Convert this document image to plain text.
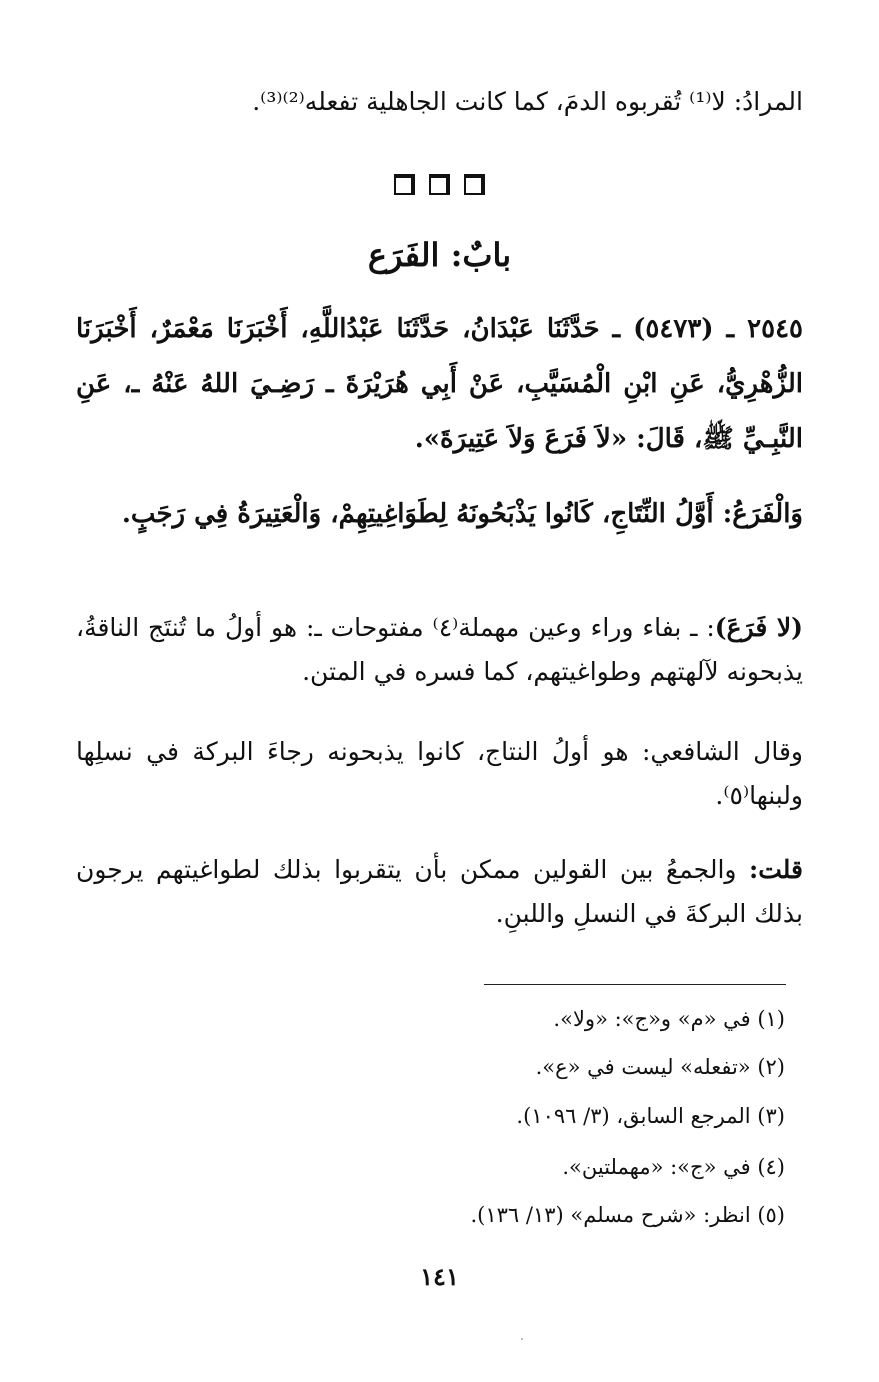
المرادُ: لا⁽¹⁾ تُقربوه الدمَ، كما كانت الجاهلية تفعله⁽²⁾⁽³⁾.
بابٌ: الفَرَع
٢٥٤٥ ـ (٥٤٧٣) ـ حَدَّثَنَا عَبْدَانُ، حَدَّثَنَا عَبْدُاللَّهِ، أَخْبَرَنَا مَعْمَرٌ، أَخْبَرَنَا الزُّهْرِيُّ، عَنِ ابْنِ الْمُسَيَّبِ، عَنْ أَبِي هُرَيْرَةَ ـ رَضِـيَ اللهُ عَنْهُ ـ، عَنِ النَّبِـيِّ ﷺ، قَالَ: «لاَ فَرَعَ وَلاَ عَتِيرَةَ».
وَالْفَرَعُ: أَوَّلُ النِّتَاجِ، كَانُوا يَذْبَحُونَهُ لِطَوَاغِيتِهِمْ، وَالْعَتِيرَةُ فِي رَجَبٍ.
(لا فَرَعَ): ـ بفاء وراء وعين مهملة⁽٤⁾ مفتوحات ـ: هو أولُ ما تُنتَج الناقةُ، يذبحونه لآلهتهم وطواغيتهم، كما فسره في المتن.
وقال الشافعي: هو أولُ النتاج، كانوا يذبحونه رجاءَ البركة في نسلِها ولبنها⁽٥⁾.
قلت: والجمعُ بين القولين ممكن بأن يتقربوا بذلك لطواغيتهم يرجون بذلك البركةَ في النسلِ واللبنِ.
(١) في «م» و«ج»: «ولا».
(٢) «تفعله» ليست في «ع».
(٣) المرجع السابق، (٣/ ١٠٩٦).
(٤) في «ج»: «مهملتين».
(٥) انظر: «شرح مسلم» (١٣/ ١٣٦).
١٤١
